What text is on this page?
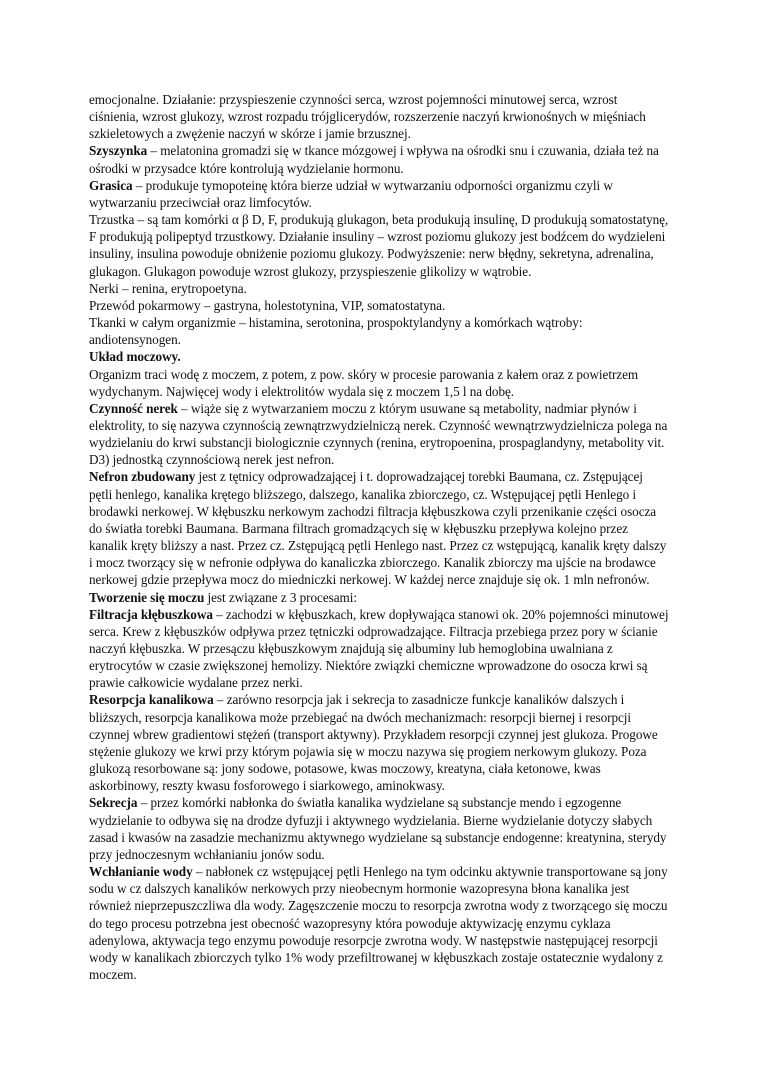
emocjonalne. Działanie: przyspieszenie czynności serca, wzrost pojemności minutowej serca, wzrost ciśnienia, wzrost glukozy, wzrost rozpadu trójglicerydów, rozszerzenie naczyń krwionośnych w mięśniach szkieletowych a zwężenie naczyń w skórze i jamie brzusznej.

Szyszynka – melatonina gromadzi się w tkance mózgowej i wpływa na ośrodki snu i czuwania, działa też na ośrodki w przysadce które kontrolują wydzielanie hormonu.

Grasica – produkuje tymopoteinę która bierze udział w wytwarzaniu odporności organizmu czyli w wytwarzaniu przeciwciał oraz limfocytów.

Trzustka – są tam komórki α β D, F, produkują glukagon, beta produkują insulinę, D produkują somatostatynę, F produkują polipeptyd trzustkowy. Działanie insuliny – wzrost poziomu glukozy jest bodźcem do wydzieleni insuliny, insulina powoduje obniżenie poziomu glukozy. Podwyższenie: nerw błędny, sekretyna, adrenalina, glukagon. Glukagon powoduje wzrost glukozy, przyspieszenie glikolizy w wątrobie.

Nerki – renina, erytropoetyna.

Przewód pokarmowy – gastryna, holestotynina, VIP, somatostatyna.

Tkanki w całym organizmie – histamina, serotonina, prospoktylandyny a komórkach wątroby: andiotensynogen.

Układ moczowy.

Organizm traci wodę z moczem, z potem, z pow. skóry w procesie parowania z kałem oraz z powietrzem wydychanym. Najwięcej wody i elektrolitów wydala się z moczem 1,5 l na dobę.

Czynność nerek – wiąże się z wytwarzaniem moczu z którym usuwane są metabolity, nadmiar płynów i elektrolity, to się nazywa czynnością zewnątrzwydzielniczą nerek. Czynność wewnątrzwydzielnicza polega na wydzielaniu do krwi substancji biologicznie czynnych (renina, erytropoenina, prospaglandyny, metabolity vit. D3) jednostką czynnościową nerek jest nefron.

Nefron zbudowany jest z tętnicy odprowadzającej i t. doprowadzającej torebki Baumana, cz. Zstępującej pętli henlego, kanalika krętego bliższego, dalszego, kanalika zbiorczego, cz. Wstępującej pętli Henlego i brodawki nerkowej. W kłębuszku nerkowym zachodzi filtracja kłębuszkowa czyli przenikanie części osocza do światła torebki Baumana. Barmana filtrach gromadzących się w kłębuszku przepływa kolejno przez kanalik kręty bliższy a nast. Przez cz. Zstępującą pętli Henlego nast. Przez cz wstępującą, kanalik kręty dalszy i mocz tworzący się w nefronie odpływa do kanaliczka zbiorczego. Kanalik zbiorczy ma ujście na brodawce nerkowej gdzie przepływa mocz do miedniczki nerkowej. W każdej nerce znajduje się ok. 1 mln nefronów.

Tworzenie się moczu jest związane z 3 procesami:

Filtracja kłębuszkowa – zachodzi w kłębuszkach, krew dopływająca stanowi ok. 20% pojemności minutowej serca. Krew z kłębuszków odpływa przez tętniczki odprowadzające. Filtracja przebiega przez pory w ścianie naczyń kłębuszka. W przesączu kłębuszkowym znajdują się albuminy lub hemoglobina uwalniana z erytrocytów w czasie zwiększonej hemolizy. Niektóre związki chemiczne wprowadzone do osocza krwi są prawie całkowicie wydalane przez nerki.

Resorpcja kanalikowa – zarówno resorpcja jak i sekrecja to zasadnicze funkcje kanalików dalszych i bliższych, resorpcja kanalikowa może przebiegać na dwóch mechanizmach: resorpcji biernej i resorpcji czynnej wbrew gradientowi stężeń (transport aktywny). Przykładem resorpcji czynnej jest glukoza. Progowe stężenie glukozy we krwi przy którym pojawia się w moczu nazywa się progiem nerkowym glukozy. Poza glukozą resorbowane są: jony sodowe, potasowe, kwas moczowy, kreatyna, ciała ketonowe, kwas askorbinowy, reszty kwasu fosforowego i siarkowego, aminokwasy.

Sekrecja – przez komórki nabłonka do światła kanalika wydzielane są substancje mendo i egzogenne wydzielanie to odbywa się na drodze dyfuzji i aktywnego wydzielania. Bierne wydzielanie dotyczy słabych zasad i kwasów na zasadzie mechanizmu aktywnego wydzielane są substancje endogenne: kreatynina, sterydy przy jednoczesnym wchłanianiu jonów sodu.

Wchłanianie wody – nabłonek cz wstępującej pętli Henlego na tym odcinku aktywnie transportowane są jony sodu w cz dalszych kanalików nerkowych przy nieobecnym hormonie wazopresyna błona kanalika jest również nieprzepuszczliwa dla wody. Zagęszczenie moczu to resorpcja zwrotna wody z tworzącego się moczu do tego procesu potrzebna jest obecność wazopresyny która powoduje aktywizację enzymu cyklaza adenylowa, aktywacja tego enzymu powoduje resorpcje zwrotna wody. W następstwie następującej resorpcji wody w kanalikach zbiorczych tylko 1% wody przefiltrowanej w kłębuszkach zostaje ostatecznie wydalony z moczem.
